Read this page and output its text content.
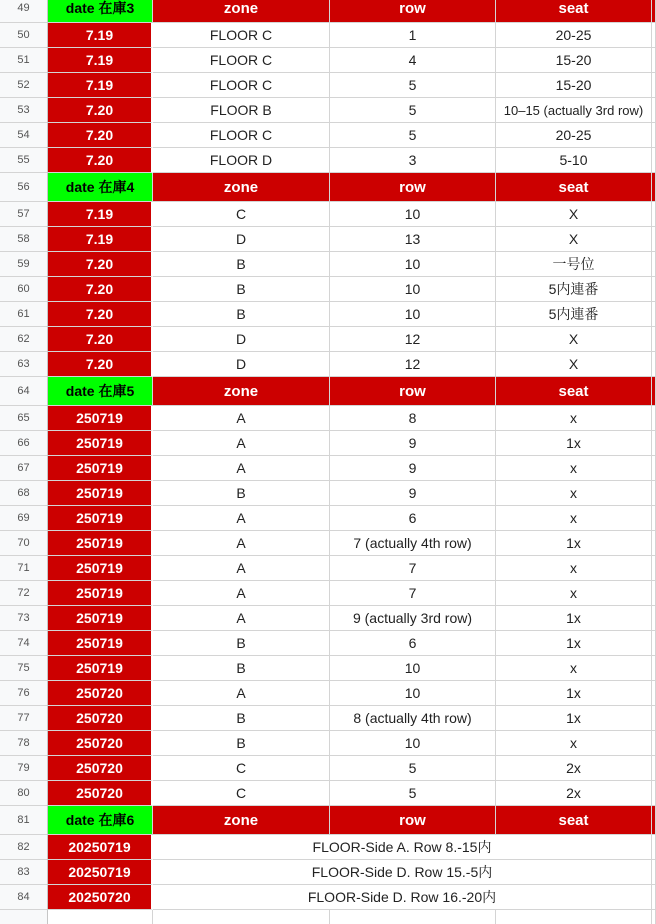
49	date 在庫3	zone	row	seat
50	7.19	FLOOR C	1	20-25
51	7.19	FLOOR C	4	15-20
52	7.19	FLOOR C	5	15-20
53	7.20	FLOOR B	5	10–15 (actually 3rd row)
54	7.20	FLOOR C	5	20-25
55	7.20	FLOOR D	3	5-10
56	date 在庫4	zone	row	seat
57	7.19	C	10	X
58	7.19	D	13	X
59	7.20	B	10	一号位
60	7.20	B	10	5内連番
61	7.20	B	10	5内連番
62	7.20	D	12	X
63	7.20	D	12	X
64	date 在庫5	zone	row	seat
65	250719	A	8	x
66	250719	A	9	1x
67	250719	A	9	x
68	250719	B	9	x
69	250719	A	6	x
70	250719	A	7 (actually 4th row)	1x
71	250719	A	7	x
72	250719	A	7	x
73	250719	A	9 (actually 3rd row)	1x
74	250719	B	6	1x
75	250719	B	10	x
76	250720	A	10	1x
77	250720	B	8 (actually 4th row)	1x
78	250720	B	10	x
79	250720	C	5	2x
80	250720	C	5	2x
81	date 在庫6	zone	row	seat
82	20250719	FLOOR-Side A. Row 8.-15内
83	20250719	FLOOR-Side D. Row 15.-5内
84	20250720	FLOOR-Side D. Row 16.-20内
